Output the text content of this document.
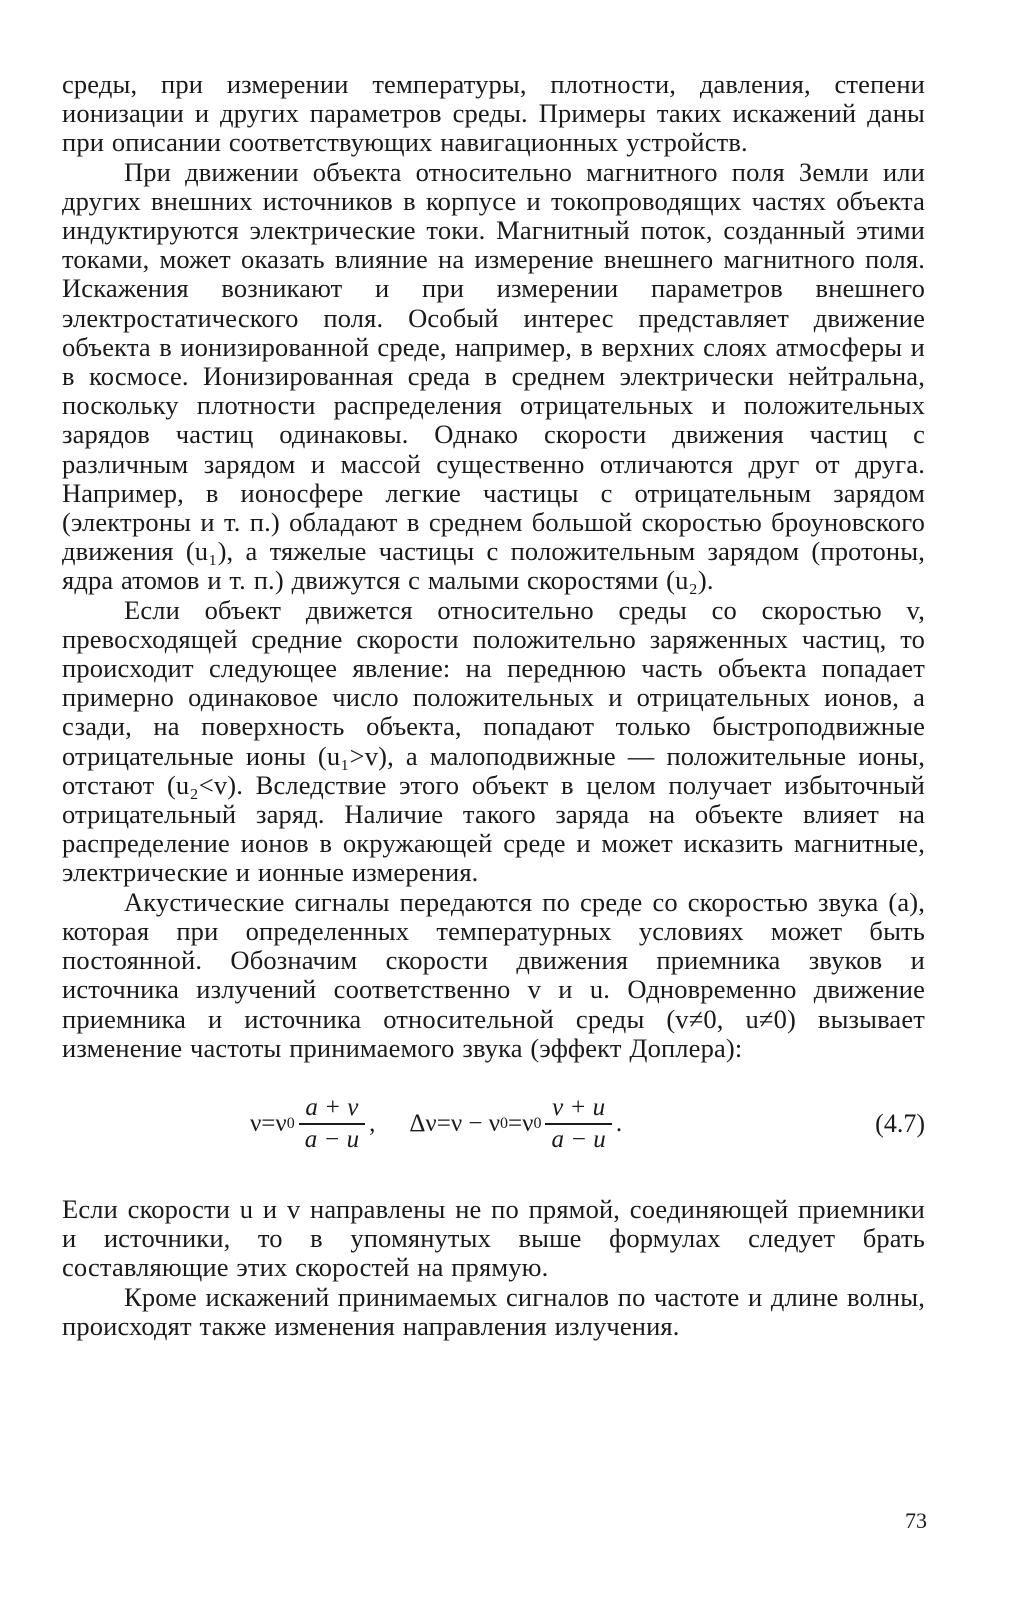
среды, при измерении температуры, плотности, давления, степени ионизации и других параметров среды. Примеры таких искажений даны при описании соответствующих навигационных устройств.

При движении объекта относительно магнитного поля Земли или других внешних источников в корпусе и токопроводящих частях объекта индуктируются электрические токи. Магнитный поток, созданный этими токами, может оказать влияние на измерение внешнего магнитного поля. Искажения возникают и при измерении параметров внешнего электростатического поля. Особый интерес представляет движение объекта в ионизированной среде, например, в верхних слоях атмосферы и в космосе. Ионизированная среда в среднем электрически нейтральна, поскольку плотности распределения отрицательных и положительных зарядов частиц одинаковы. Однако скорости движения частиц с различным зарядом и массой существенно отличаются друг от друга. Например, в ионосфере легкие частицы с отрицательным зарядом (электроны и т. п.) обладают в среднем большой скоростью броуновского движения (u₁), а тяжелые частицы с положительным зарядом (протоны, ядра атомов и т. п.) движутся с малыми скоростями (u₂).

Если объект движется относительно среды со скоростью v, превосходящей средние скорости положительно заряженных частиц, то происходит следующее явление: на переднюю часть объекта попадает примерно одинаковое число положительных и отрицательных ионов, а сзади, на поверхность объекта, попадают только быстроподвижные отрицательные ионы (u₁>v), а малоподвижные — положительные ионы, отстают (u₂<v). Вследствие этого объект в целом получает избыточный отрицательный заряд. Наличие такого заряда на объекте влияет на распределение ионов в окружающей среде и может исказить магнитные, электрические и ионные измерения.

Акустические сигналы передаются по среде со скоростью звука (a), которая при определенных температурных условиях может быть постоянной. Обозначим скорости движения приемника звуков и источника излучений соответственно v и u. Одновременно движение приемника и источника относительной среды (v≠0, u≠0) вызывает изменение частоты принимаемого звука (эффект Доплера):

ν=ν $0 \frac{a + v}{a - u}$ , Δν=ν − ν 0 =ν $0 \frac{v + u}{a - u}$ .	(4.7)

Если скорости u и v направлены не по прямой, соединяющей приемники и источники, то в упомянутых выше формулах следует брать составляющие этих скоростей на прямую.

Кроме искажений принимаемых сигналов по частоте и длине волны, происходят также изменения направления излучения.

73
